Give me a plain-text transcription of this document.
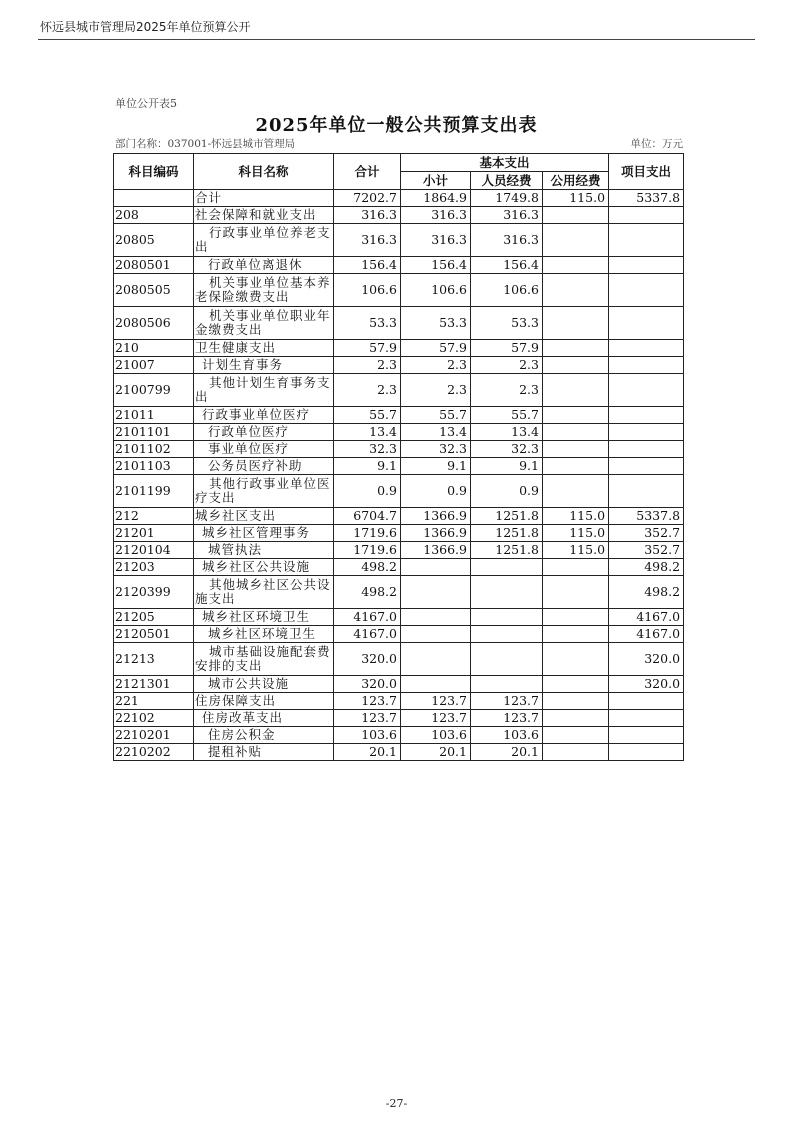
怀远县城市管理局2025年单位预算公开
单位公开表5
2025年单位一般公共预算支出表
部门名称：037001-怀远县城市管理局	单位：万元
科目编码	科目名称	合计	基本支出			项目支出
			小计	人员经费	公用经费	
	合计	7202.7	1864.9	1749.8	115.0	5337.8
208	社会保障和就业支出	316.3	316.3	316.3		
20805	行政事业单位养老支出	316.3	316.3	316.3		
2080501	行政单位离退休	156.4	156.4	156.4		
2080505	机关事业单位基本养老保险缴费支出	106.6	106.6	106.6		
2080506	机关事业单位职业年金缴费支出	53.3	53.3	53.3		
210	卫生健康支出	57.9	57.9	57.9		
21007	计划生育事务	2.3	2.3	2.3		
2100799	其他计划生育事务支出	2.3	2.3	2.3		
21011	行政事业单位医疗	55.7	55.7	55.7		
2101101	行政单位医疗	13.4	13.4	13.4		
2101102	事业单位医疗	32.3	32.3	32.3		
2101103	公务员医疗补助	9.1	9.1	9.1		
2101199	其他行政事业单位医疗支出	0.9	0.9	0.9		
212	城乡社区支出	6704.7	1366.9	1251.8	115.0	5337.8
21201	城乡社区管理事务	1719.6	1366.9	1251.8	115.0	352.7
2120104	城管执法	1719.6	1366.9	1251.8	115.0	352.7
21203	城乡社区公共设施	498.2				498.2
2120399	其他城乡社区公共设施支出	498.2				498.2
21205	城乡社区环境卫生	4167.0				4167.0
2120501	城乡社区环境卫生	4167.0				4167.0
21213	城市基础设施配套费安排的支出	320.0				320.0
2121301	城市公共设施	320.0				320.0
221	住房保障支出	123.7	123.7	123.7		
22102	住房改革支出	123.7	123.7	123.7		
2210201	住房公积金	103.6	103.6	103.6		
2210202	提租补贴	20.1	20.1	20.1		
-27-
